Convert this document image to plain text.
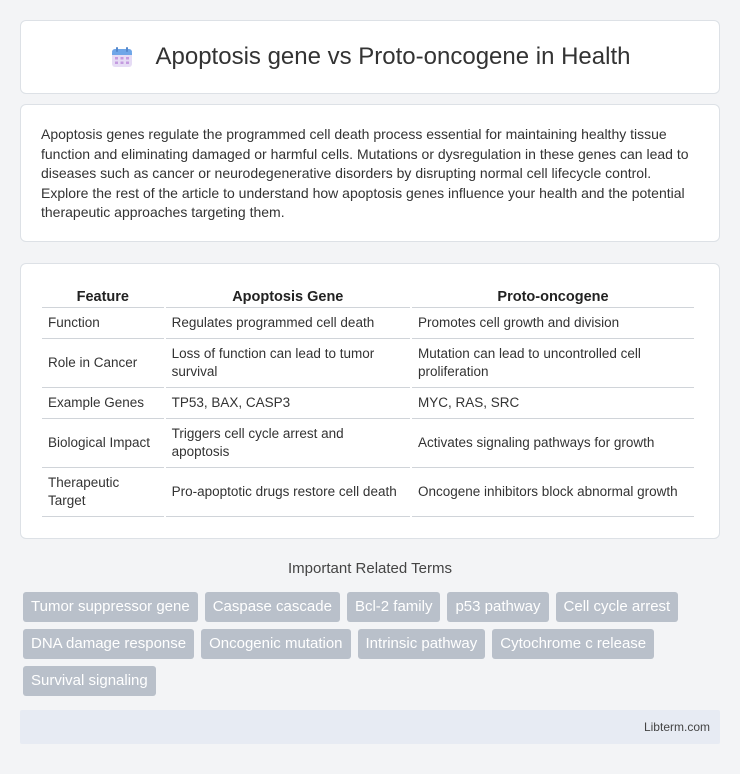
Apoptosis gene vs Proto-oncogene in Health

Apoptosis genes regulate the programmed cell death process essential for maintaining healthy tissue function and eliminating damaged or harmful cells. Mutations or dysregulation in these genes can lead to diseases such as cancer or neurodegenerative disorders by disrupting normal cell lifecycle control. Explore the rest of the article to understand how apoptosis genes influence your health and the potential therapeutic approaches targeting them.

Feature	Apoptosis Gene	Proto-oncogene
Function	Regulates programmed cell death	Promotes cell growth and division
Role in Cancer	Loss of function can lead to tumor survival	Mutation can lead to uncontrolled cell proliferation
Example Genes	TP53, BAX, CASP3	MYC, RAS, SRC
Biological Impact	Triggers cell cycle arrest and apoptosis	Activates signaling pathways for growth
Therapeutic Target	Pro-apoptotic drugs restore cell death	Oncogene inhibitors block abnormal growth
Important Related Terms
Tumor suppressor gene	Caspase cascade	Bcl-2 family	p53 pathway	Cell cycle arrest
DNA damage response	Oncogenic mutation	Intrinsic pathway	Cytochrome c release
Survival signaling
Libterm.com
